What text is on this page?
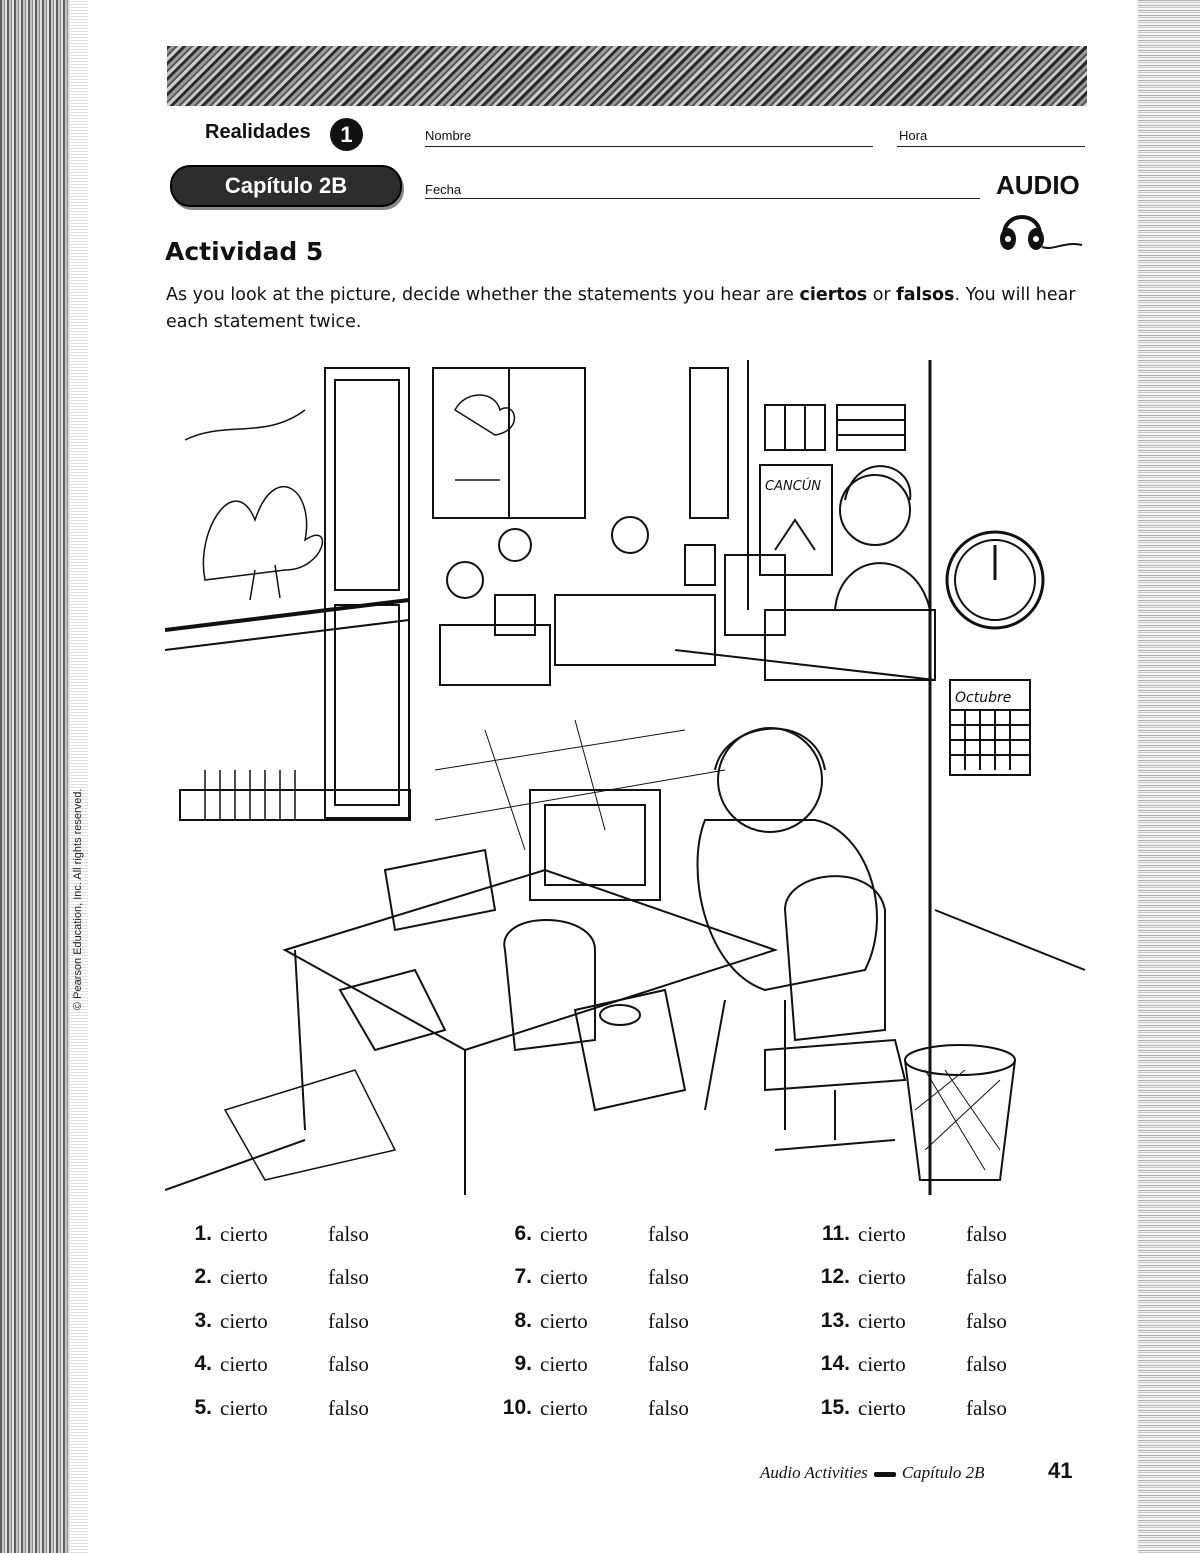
© Pearson Education, Inc. All rights reserved.
Realidades	1
Capítulo 2B
Nombre	Hora
Fecha	AUDIO
Actividad 5
As you look at the picture, decide whether the statements you hear are ciertos or falsos. You will hear each statement twice.
CANCÚN
Octubre
1. cierto	falso
2. cierto	falso
3. cierto	falso
4. cierto	falso
5. cierto	falso
6. cierto	falso
7. cierto	falso
8. cierto	falso
9. cierto	falso
10. cierto	falso
11. cierto	falso
12. cierto	falso
13. cierto	falso
14. cierto	falso
15. cierto	falso
Audio Activities Capítulo 2B	41
